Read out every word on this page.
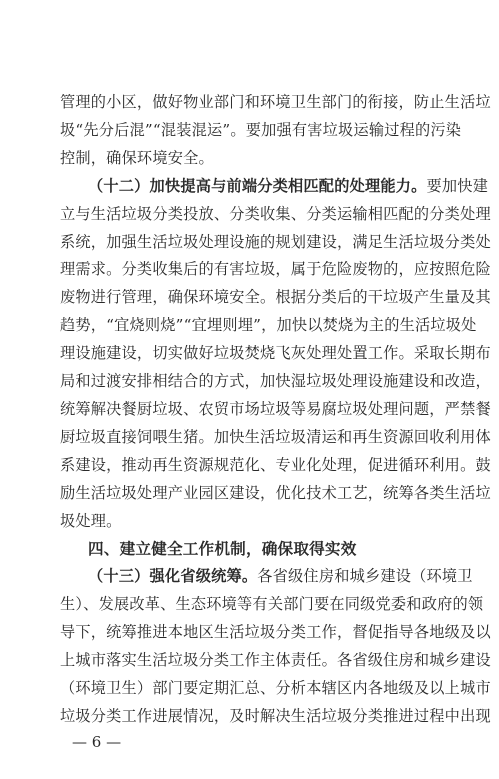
管理的小区，做好物业部门和环境卫生部门的衔接，防止生活垃
圾“先分后混”“混装混运”。要加强有害垃圾运输过程的污染
控制，确保环境安全。
（十二）加快提高与前端分类相匹配的处理能力。要加快建
立与生活垃圾分类投放、分类收集、分类运输相匹配的分类处理
系统，加强生活垃圾处理设施的规划建设，满足生活垃圾分类处
理需求。分类收集后的有害垃圾，属于危险废物的，应按照危险
废物进行管理，确保环境安全。根据分类后的干垃圾产生量及其
趋势，“宜烧则烧”“宜埋则埋”，加快以焚烧为主的生活垃圾处
理设施建设，切实做好垃圾焚烧飞灰处理处置工作。采取长期布
局和过渡安排相结合的方式，加快湿垃圾处理设施建设和改造，
统筹解决餐厨垃圾、农贸市场垃圾等易腐垃圾处理问题，严禁餐
厨垃圾直接饲喂生猪。加快生活垃圾清运和再生资源回收利用体
系建设，推动再生资源规范化、专业化处理，促进循环利用。鼓
励生活垃圾处理产业园区建设，优化技术工艺，统筹各类生活垃
圾处理。
四、建立健全工作机制，确保取得实效
（十三）强化省级统筹。各省级住房和城乡建设（环境卫
生）、发展改革、生态环境等有关部门要在同级党委和政府的领
导下，统筹推进本地区生活垃圾分类工作，督促指导各地级及以
上城市落实生活垃圾分类工作主体责任。各省级住房和城乡建设
（环境卫生）部门要定期汇总、分析本辖区内各地级及以上城市
垃圾分类工作进展情况，及时解决生活垃圾分类推进过程中出现
— 6 —
